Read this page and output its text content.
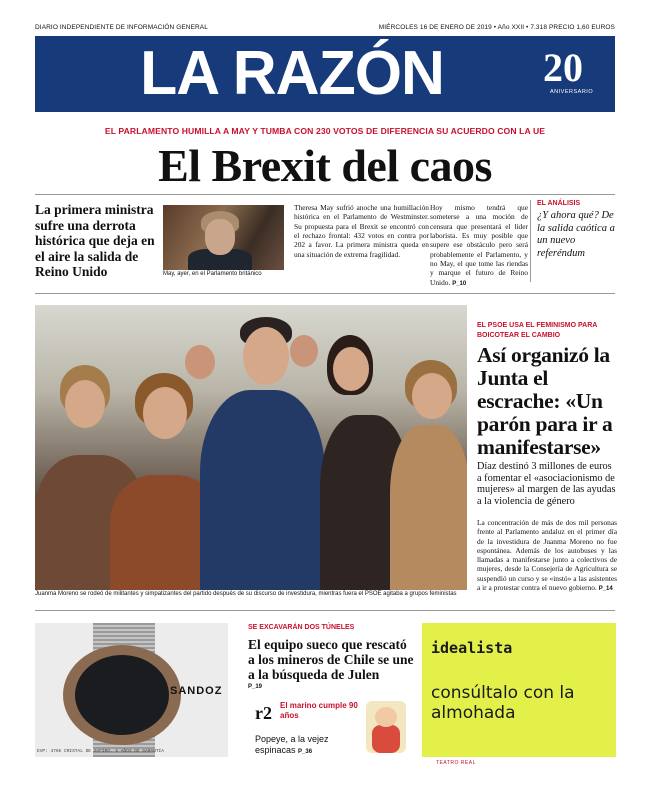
DIARIO INDEPENDIENTE DE INFORMACIÓN GENERAL	MIÉRCOLES 16 DE ENERO DE 2019 • Año XXII • 7.318 PRECIO 1,60 EUROS
LA RAZÓN 20
ANIVERSARIO
EL PARLAMENTO HUMILLA A MAY Y TUMBA CON 230 VOTOS DE DIFERENCIA SU ACUERDO CON LA UE
El Brexit del caos
La primera ministra sufre una derrota histórica que deja en el aire la salida de Reino Unido	May, ayer, en el Parlamento británico
Theresa May sufrió anoche una humillación histórica en el Parlamento de Westminster. Su propuesta para el Brexit se encontró con el rechazo frontal: 432 votos en contra por 202 a favor. La primera ministra queda en una situación de extrema fragilidad.
Hoy mismo tendrá que someterse a una moción de censura que presentará el líder laborista. Es muy posible que supere ese obstáculo pero será probablemente el Parlamento, y no May, el que tome las riendas y marque el futuro de Reino Unido. P_10
EL ANÁLISIS
¿Y ahora qué? De la salida caótica a un nuevo referéndum
Juanma Moreno se rodeó de militantes y simpatizantes del partido después de su discurso de investidura, mientras fuera el PSOE agitaba a grupos feministas
EL PSOE USA EL FEMINISMO PARA BOICOTEAR EL CAMBIO
Así organizó la Junta el escrache: «Un parón para ir a manifestarse»
Díaz destinó 3 millones de euros a fomentar el «asociacionismo de mujeres» al margen de las ayudas a la violencia de género
La concentración de más de dos mil personas frente al Parlamento andaluz en el primer día de la investidura de Juanma Moreno no fue espontánea. Además de los autobuses y las llamadas a manifestarse junto a colectivos de mujeres, desde la Consejería de Agricultura se suspendió un curso y se «instó» a las asistentes a ir a protestar contra el nuevo gobierno. P_14
SANDOZ
EVP: 475€ CRISTAL DE ZAFIRO. 5 AÑOS DE GARANTÍA
SE EXCAVARÁN DOS TÚNELES
El equipo sueco que rescató a los mineros de Chile se une a la búsqueda de Julen
P_19
r2 El marino cumple 90 años
Popeye, a la vejez espinacas P_36
idealista
consúltalo con la almohada
TEATRO REAL
